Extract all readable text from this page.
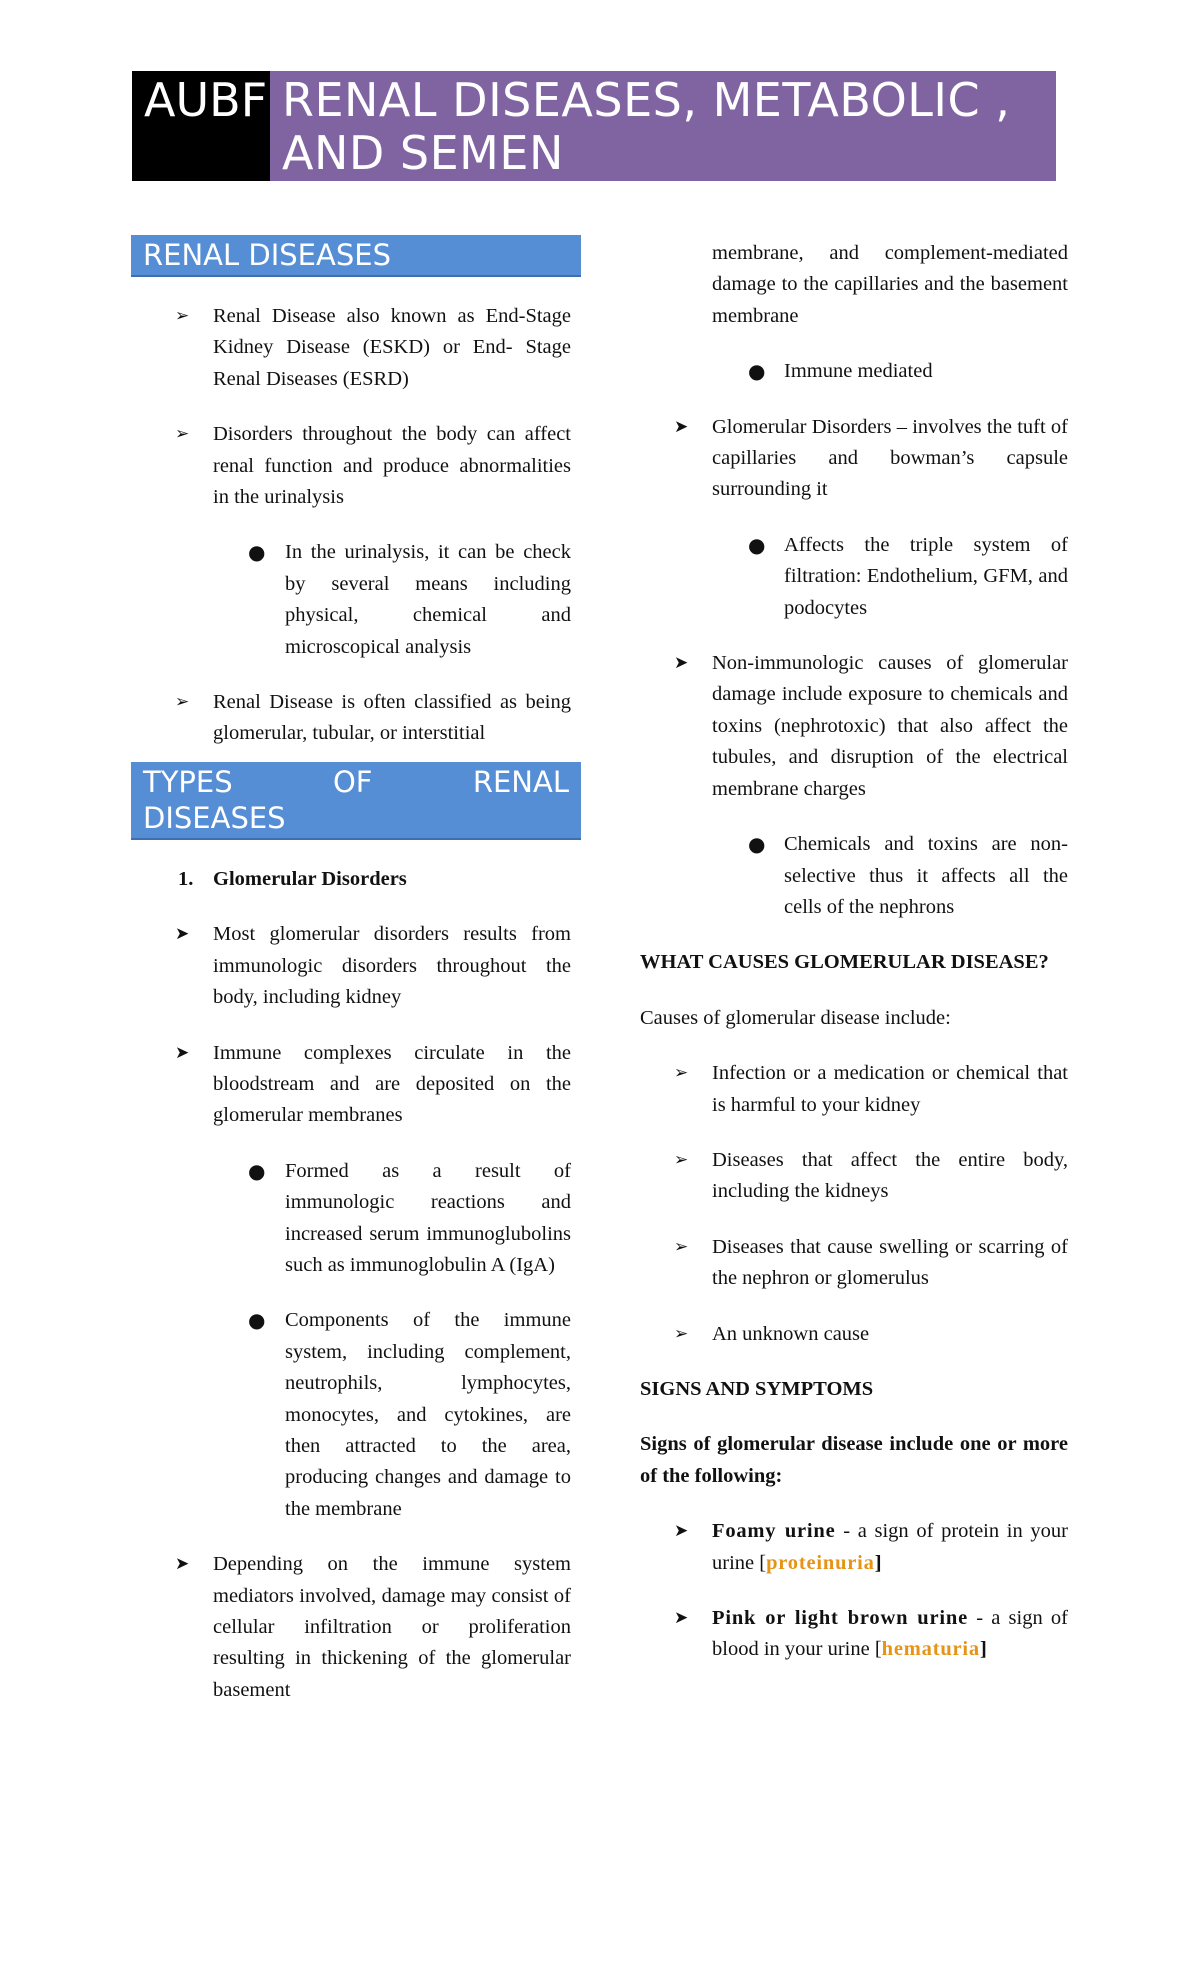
AUBF RENAL DISEASES, METABOLIC , AND SEMEN
RENAL DISEASES
➢ Renal Disease also known as End-Stage Kidney Disease (ESKD) or End- Stage Renal Diseases (ESRD)
➢ Disorders throughout the body can affect renal function and produce abnormalities in the urinalysis
● In the urinalysis, it can be check by several means including physical, chemical and microscopical analysis
➢ Renal Disease is often classified as being glomerular, tubular, or interstitial
TYPES	OF	RENAL
DISEASES
1. Glomerular Disorders
➤ Most glomerular disorders results from immunologic disorders throughout the body, including kidney
➤ Immune complexes circulate in the bloodstream and are deposited on the glomerular membranes
● Formed as a result of immunologic reactions and increased serum immunoglubolins such as immunoglobulin A (IgA)
● Components of the immune system, including complement, neutrophils, lymphocytes, monocytes, and cytokines, are then attracted to the area, producing changes and damage to the membrane
➤ Depending on the immune system mediators involved, damage may consist of cellular infiltration or proliferation resulting in thickening of the glomerular basement
membrane, and complement-mediated damage to the capillaries and the basement membrane
● Immune mediated
➤ Glomerular Disorders – involves the tuft of capillaries and bowman’s capsule surrounding it
● Affects the triple system of filtration: Endothelium, GFM, and podocytes
➤ Non-immunologic causes of glomerular damage include exposure to chemicals and toxins (nephrotoxic) that also affect the tubules, and disruption of the electrical membrane charges
● Chemicals and toxins are non-selective thus it affects all the cells of the nephrons

WHAT CAUSES GLOMERULAR DISEASE?

Causes of glomerular disease include:

➢ Infection or a medication or chemical that is harmful to your kidney
➢ Diseases that affect the entire body, including the kidneys
➢ Diseases that cause swelling or scarring of the nephron or glomerulus
➢ An unknown cause

SIGNS AND SYMPTOMS

Signs of glomerular disease include one or more of the following:

➤ Foamy urine - a sign of protein in your urine [proteinuria]
➤ Pink or light brown urine - a sign of blood in your urine [hematuria]
